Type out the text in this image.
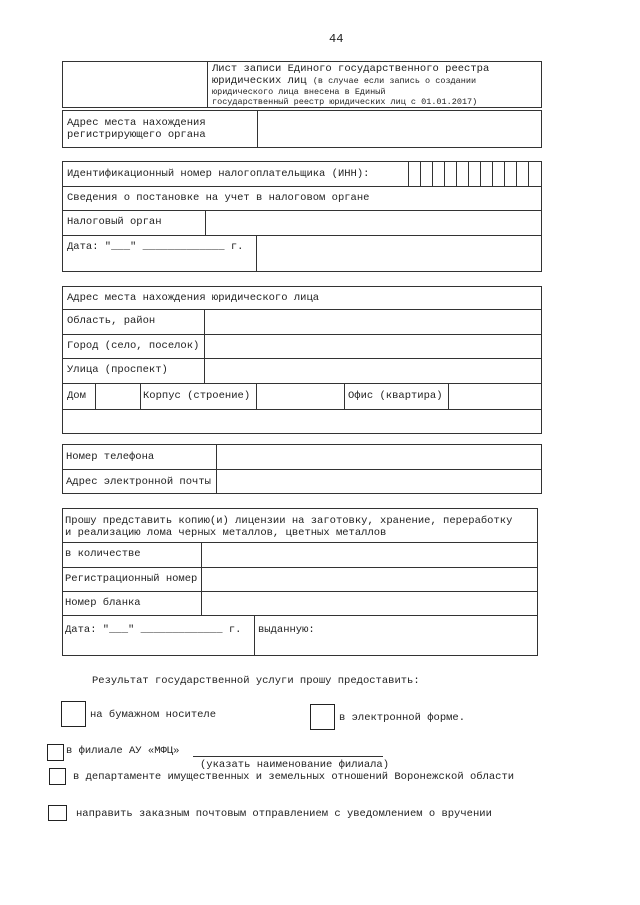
44
Лист записи Единого государственного реестра
юридических лиц (в случае если запись о создании
юридического лица внесена в Единый
государственный реестр юридических лиц с 01.01.2017)
Адрес места нахождения
регистрирующего органа
Идентификационный номер налогоплательщика (ИНН):
Сведения о постановке на учет в налоговом органе
Налоговый орган
Дата: "___" _____________ г.
Адрес места нахождения юридического лица
Область, район
Город (село, поселок)
Улица (проспект)
Дом	Корпус (строение)	Офис (квартира)
Номер телефона
Адрес электронной почты
Прошу представить копию(и) лицензии на заготовку, хранение, переработку
и реализацию лома черных металлов, цветных металлов
в количестве
Регистрационный номер
Номер бланка
Дата: "___" _____________ г. выданную:
Результат государственной услуги прошу предоставить:
на бумажном носителе	в электронной форме.
в филиале АУ «МФЦ»
(указать наименование филиала)
в департаменте имущественных и земельных отношений Воронежской области
направить заказным почтовым отправлением с уведомлением о вручении
